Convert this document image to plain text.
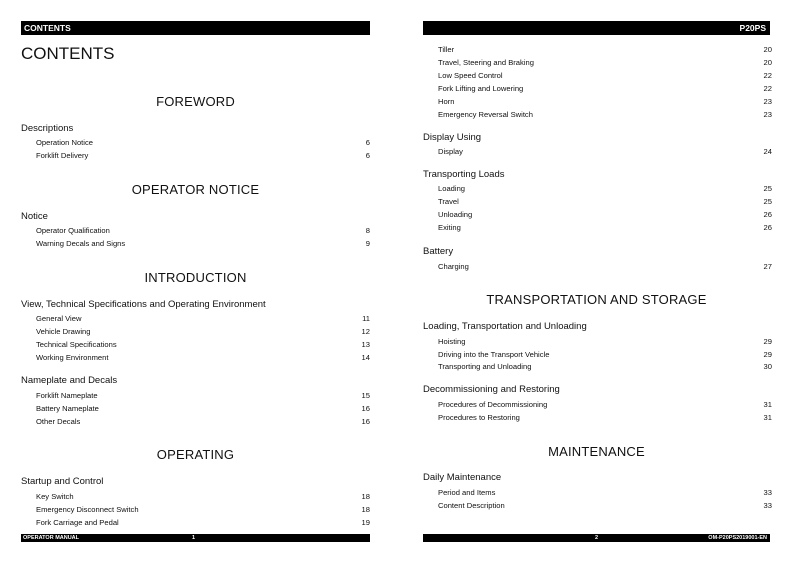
CONTENTS
CONTENTS
FOREWORD
Descriptions
Operation Notice	6
Forklift Delivery	6
OPERATOR NOTICE
Notice
Operator Qualification	8
Warning Decals and Signs	9
INTRODUCTION
View, Technical Specifications and Operating Environment
General View	11
Vehicle Drawing	12
Technical Specifications	13
Working Environment	14
Nameplate and Decals
Forklift Nameplate	15
Battery Nameplate	16
Other Decals	16
OPERATING
Startup and Control
Key Switch	18
Emergency Disconnect Switch	18
Fork Carriage and Pedal	19
OPERATOR MANUAL	1
P20PS
Tiller	20
Travel, Steering and Braking	20
Low Speed Control	22
Fork Lifting and Lowering	22
Horn	23
Emergency Reversal Switch	23
Display Using
Display	24
Transporting Loads
Loading	25
Travel	25
Unloading	26
Exiting	26
Battery
Charging	27
TRANSPORTATION AND STORAGE
Loading, Transportation and Unloading
Hoisting	29
Driving into the Transport Vehicle	29
Transporting and Unloading	30
Decommissioning and Restoring
Procedures of Decommissioning	31
Procedures to Restoring	31
MAINTENANCE
Daily Maintenance
Period and Items	33
Content Description	33
2	OM-P20PS2019001-EN
